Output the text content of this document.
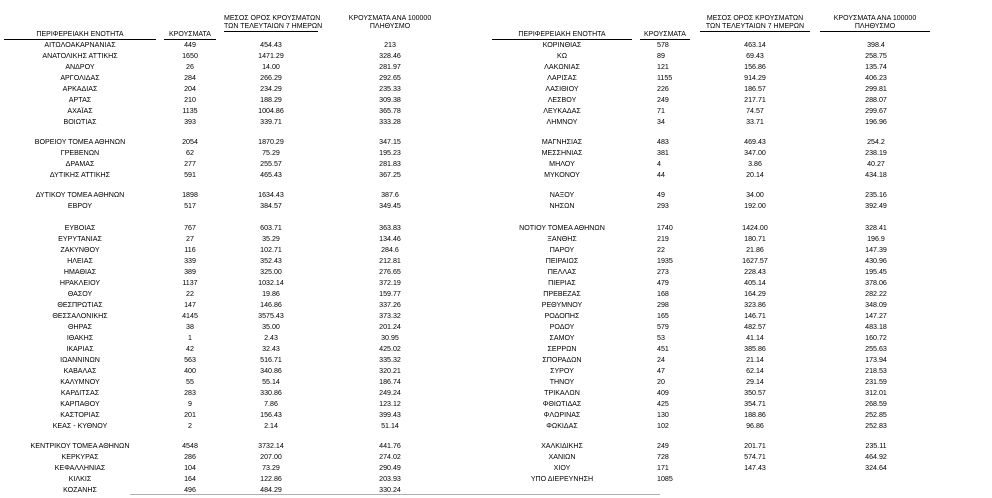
ΠΕΡΙΦΕΡΕΙΑΚΗ ΕΝΟΤΗΤΑ	ΚΡΟΥΣΜΑΤΑ
ΜΕΣΟΣ ΟΡΟΣ ΚΡΟΥΣΜΑΤΩΝ
ΤΩΝ ΤΕΛΕΥΤΑΙΩΝ 7 ΗΜΕΡΩΝ
ΚΡΟΥΣΜΑΤΑ ΑΝΑ 100000
ΠΛΗΘΥΣΜΟ
ΠΕΡΙΦΕΡΕΙΑΚΗ ΕΝΟΤΗΤΑ	ΚΡΟΥΣΜΑΤΑ
ΜΕΣΟΣ ΟΡΟΣ ΚΡΟΥΣΜΑΤΩΝ
ΤΩΝ ΤΕΛΕΥΤΑΙΩΝ 7 ΗΜΕΡΩΝ
ΚΡΟΥΣΜΑΤΑ ΑΝΑ 100000
ΠΛΗΘΥΣΜΟ
ΑΙΤΩΛΟΑΚΑΡΝΑΝΙΑΣ	449	454.43	213
ΑΝΑΤΟΛΙΚΗΣ ΑΤΤΙΚΗΣ	1650	1471.29	328.46
ΑΝΔΡΟΥ	26	14.00	281.97
ΑΡΓΟΛΙΔΑΣ	284	266.29	292.65
ΑΡΚΑΔΙΑΣ	204	234.29	235.33
ΑΡΤΑΣ	210	188.29	309.38
ΑΧΑΪΑΣ	1135	1004.86	365.78
ΒΟΙΩΤΙΑΣ	393	339.71	333.28
ΒΟΡΕΙΟΥ ΤΟΜΕΑ ΑΘΗΝΩΝ	2054	1870.29	347.15
ΓΡΕΒΕΝΩΝ	62	75.29	195.23
ΔΡΑΜΑΣ	277	255.57	281.83
ΔΥΤΙΚΗΣ ΑΤΤΙΚΗΣ	591	465.43	367.25
ΔΥΤΙΚΟΥ ΤΟΜΕΑ ΑΘΗΝΩΝ	1898	1634.43	387.6
ΕΒΡΟΥ	517	384.57	349.45
ΕΥΒΟΙΑΣ	767	603.71	363.83
ΕΥΡΥΤΑΝΙΑΣ	27	35.29	134.46
ΖΑΚΥΝΘΟΥ	116	102.71	284.6
ΗΛΕΙΑΣ	339	352.43	212.81
ΗΜΑΘΙΑΣ	389	325.00	276.65
ΗΡΑΚΛΕΙΟΥ	1137	1032.14	372.19
ΘΑΣΟΥ	22	19.86	159.77
ΘΕΣΠΡΩΤΙΑΣ	147	146.86	337.26
ΘΕΣΣΑΛΟΝΙΚΗΣ	4145	3575.43	373.32
ΘΗΡΑΣ	38	35.00	201.24
ΙΘΑΚΗΣ	1	2.43	30.95
ΙΚΑΡΙΑΣ	42	32.43	425.02
ΙΩΑΝΝΙΝΩΝ	563	516.71	335.32
ΚΑΒΑΛΑΣ	400	340.86	320.21
ΚΑΛΥΜΝΟΥ	55	55.14	186.74
ΚΑΡΔΙΤΣΑΣ	283	330.86	249.24
ΚΑΡΠΑΘΟΥ	9	7.86	123.12
ΚΑΣΤΟΡΙΑΣ	201	156.43	399.43
ΚΕΑΣ - ΚΥΘΝΟΥ	2	2.14	51.14
ΚΕΝΤΡΙΚΟΥ ΤΟΜΕΑ ΑΘΗΝΩΝ	4548	3732.14	441.76
ΚΕΡΚΥΡΑΣ	286	207.00	274.02
ΚΕΦΑΛΛΗΝΙΑΣ	104	73.29	290.49
ΚΙΛΚΙΣ	164	122.86	203.93
ΚΟΖΑΝΗΣ	496	484.29	330.24
ΚΟΡΙΝΘΙΑΣ	578	463.14	398.4
ΚΩ	89	69.43	258.75
ΛΑΚΩΝΙΑΣ	121	156.86	135.74
ΛΑΡΙΣΑΣ	1155	914.29	406.23
ΛΑΣΙΘΙΟΥ	226	186.57	299.81
ΛΕΣΒΟΥ	249	217.71	288.07
ΛΕΥΚΑΔΑΣ	71	74.57	299.67
ΛΗΜΝΟΥ	34	33.71	196.96
ΜΑΓΝΗΣΙΑΣ	483	469.43	254.2
ΜΕΣΣΗΝΙΑΣ	381	347.00	238.19
ΜΗΛΟΥ	4	3.86	40.27
ΜΥΚΟΝΟΥ	44	20.14	434.18
ΝΑΞΟΥ	49	34.00	235.16
ΝΗΣΩΝ	293	192.00	392.49
ΝΟΤΙΟΥ ΤΟΜΕΑ ΑΘΗΝΩΝ	1740	1424.00	328.41
ΞΑΝΘΗΣ	219	180.71	196.9
ΠΑΡΟΥ	22	21.86	147.39
ΠΕΙΡΑΙΩΣ	1935	1627.57	430.96
ΠΕΛΛΑΣ	273	228.43	195.45
ΠΙΕΡΙΑΣ	479	405.14	378.06
ΠΡΕΒΕΖΑΣ	168	164.29	282.22
ΡΕΘΥΜΝΟΥ	298	323.86	348.09
ΡΟΔΟΠΗΣ	165	146.71	147.27
ΡΟΔΟΥ	579	482.57	483.18
ΣΑΜΟΥ	53	41.14	160.72
ΣΕΡΡΩΝ	451	385.86	255.63
ΣΠΟΡΑΔΩΝ	24	21.14	173.94
ΣΥΡΟΥ	47	62.14	218.53
ΤΗΝΟΥ	20	29.14	231.59
ΤΡΙΚΑΛΩΝ	409	350.57	312.01
ΦΘΙΩΤΙΔΑΣ	425	354.71	268.59
ΦΛΩΡΙΝΑΣ	130	188.86	252.85
ΦΩΚΙΔΑΣ	102	96.86	252.83
ΧΑΛΚΙΔΙΚΗΣ	249	201.71	235.11
ΧΑΝΙΩΝ	728	574.71	464.92
ΧΙΟΥ	171	147.43	324.64
ΥΠΟ ΔΙΕΡΕΥΝΗΣΗ	1085
